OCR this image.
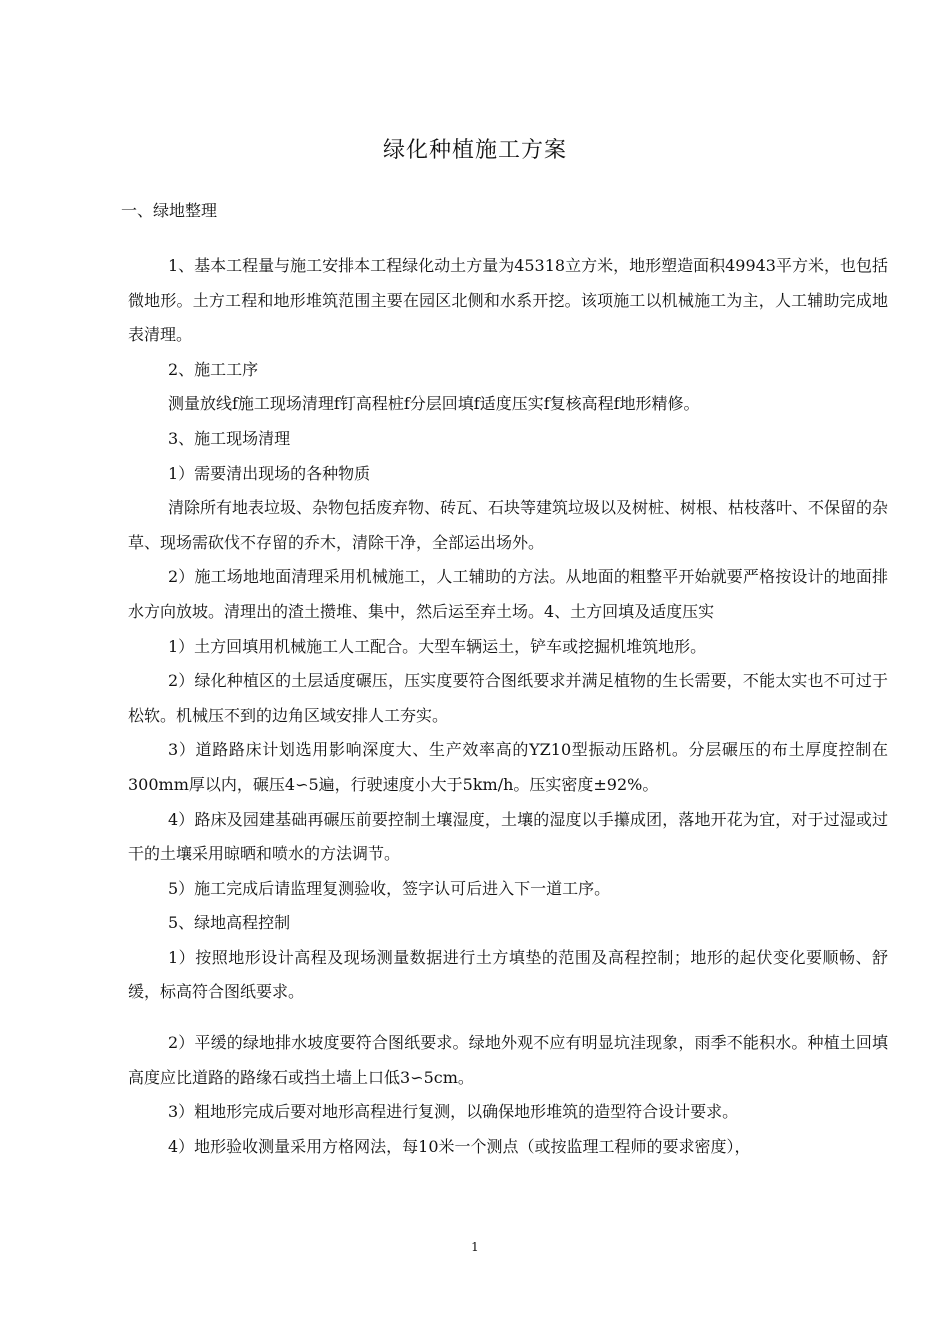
绿化种植施工方案
一、绿地整理

1、基本工程量与施工安排本工程绿化动土方量为45318立方米，地形塑造面积49943平方米，也包括微地形。土方工程和地形堆筑范围主要在园区北侧和水系开挖。该项施工以机械施工为主，人工辅助完成地表清理。

2、施工工序

测量放线f施工现场清理f钉高程桩f分层回填f适度压实f复核高程f地形精修。

3、施工现场清理

1）需要清出现场的各种物质

清除所有地表垃圾、杂物包括废弃物、砖瓦、石块等建筑垃圾以及树桩、树根、枯枝落叶、不保留的杂草、现场需砍伐不存留的乔木，清除干净，全部运出场外。

2）施工场地地面清理采用机械施工，人工辅助的方法。从地面的粗整平开始就要严格按设计的地面排水方向放坡。清理出的渣土攒堆、集中，然后运至弃土场。4、土方回填及适度压实

1）土方回填用机械施工人工配合。大型车辆运土，铲车或挖掘机堆筑地形。

2）绿化种植区的土层适度碾压，压实度要符合图纸要求并满足植物的生长需要，不能太实也不可过于松软。机械压不到的边角区域安排人工夯实。

3）道路路床计划选用影响深度大、生产效率高的YZ10型振动压路机。分层碾压的布土厚度控制在300mm厚以内，碾压4∽5遍，行驶速度小大于5km/h。压实密度±92%。

4）路床及园建基础再碾压前要控制土壤湿度，土壤的湿度以手攥成团，落地开花为宜，对于过湿或过干的土壤采用晾晒和喷水的方法调节。

5）施工完成后请监理复测验收，签字认可后进入下一道工序。

5、绿地高程控制

1）按照地形设计高程及现场测量数据进行土方填垫的范围及高程控制；地形的起伏变化要顺畅、舒缓，标高符合图纸要求。

2）平缓的绿地排水坡度要符合图纸要求。绿地外观不应有明显坑洼现象，雨季不能积水。种植土回填高度应比道路的路缘石或挡土墙上口低3∽5cm。

3）粗地形完成后要对地形高程进行复测，以确保地形堆筑的造型符合设计要求。

4）地形验收测量采用方格网法，每10米一个测点（或按监理工程师的要求密度），

1
